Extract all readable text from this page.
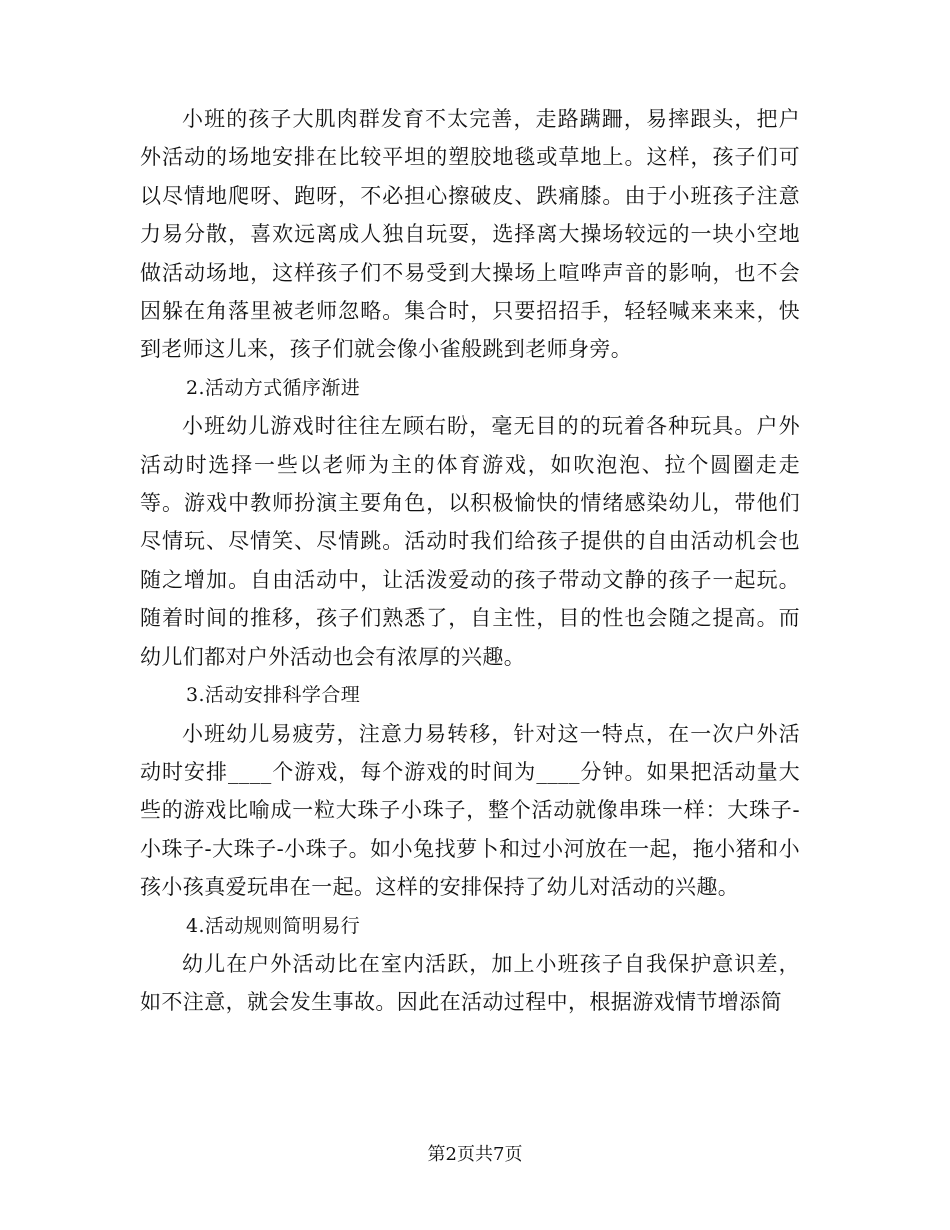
小班的孩子大肌肉群发育不太完善，走路蹒跚，易摔跟头，把户外活动的场地安排在比较平坦的塑胶地毯或草地上。这样，孩子们可以尽情地爬呀、跑呀，不必担心擦破皮、跌痛膝。由于小班孩子注意力易分散，喜欢远离成人独自玩耍，选择离大操场较远的一块小空地做活动场地，这样孩子们不易受到大操场上喧哗声音的影响，也不会因躲在角落里被老师忽略。集合时，只要招招手，轻轻喊来来来，快到老师这儿来，孩子们就会像小雀般跳到老师身旁。

2.活动方式循序渐进

小班幼儿游戏时往往左顾右盼，毫无目的的玩着各种玩具。户外活动时选择一些以老师为主的体育游戏，如吹泡泡、拉个圆圈走走等。游戏中教师扮演主要角色，以积极愉快的情绪感染幼儿，带他们尽情玩、尽情笑、尽情跳。活动时我们给孩子提供的自由活动机会也随之增加。自由活动中，让活泼爱动的孩子带动文静的孩子一起玩。随着时间的推移，孩子们熟悉了，自主性，目的性也会随之提高。而幼儿们都对户外活动也会有浓厚的兴趣。

3.活动安排科学合理

小班幼儿易疲劳，注意力易转移，针对这一特点，在一次户外活动时安排____个游戏，每个游戏的时间为____分钟。如果把活动量大些的游戏比喻成一粒大珠子小珠子，整个活动就像串珠一样：大珠子-小珠子-大珠子-小珠子。如小兔找萝卜和过小河放在一起，拖小猪和小孩小孩真爱玩串在一起。这样的安排保持了幼儿对活动的兴趣。

4.活动规则简明易行

幼儿在户外活动比在室内活跃，加上小班孩子自我保护意识差，如不注意，就会发生事故。因此在活动过程中，根据游戏情节增添简

第2页共7页
